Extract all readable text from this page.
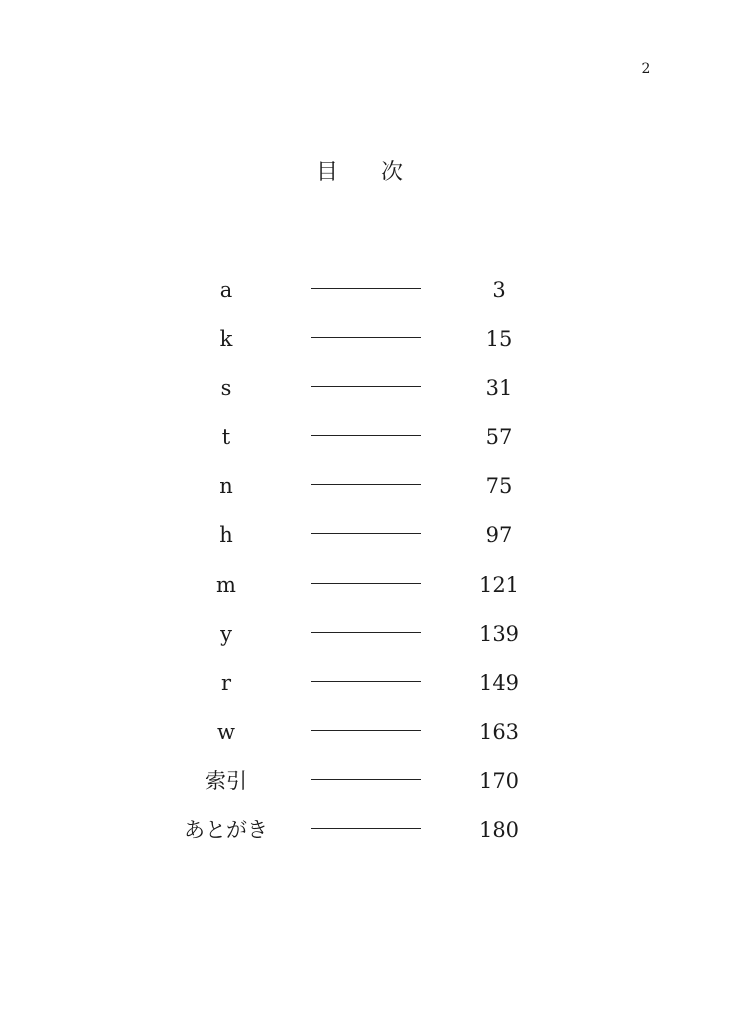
2
目 次
a	3
k	15
s	31
t	57
n	75
h	97
m	121
y	139
r	149
w	163
索引	170
あとがき	180
